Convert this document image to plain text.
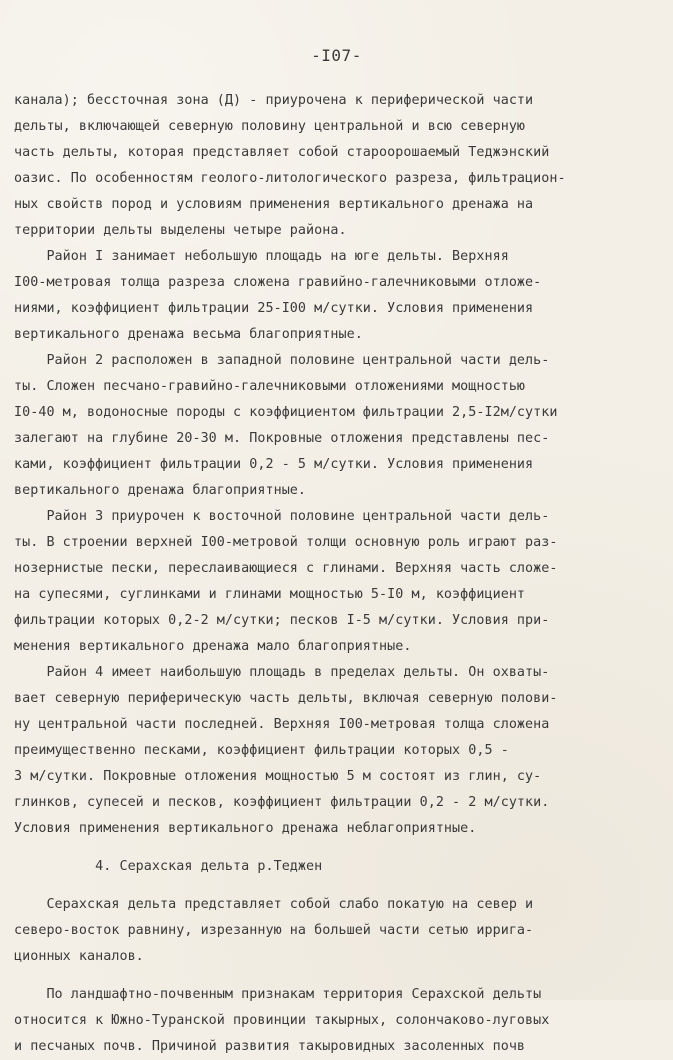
-I07-
канала); бессточная зона (Д) - приурочена к периферической части
дельты, включающей северную половину центральной и всю северную
часть дельты, которая представляет собой староорошаемый Теджэнский
оазис. По особенностям геолого-литологического разреза, фильтрацион-
ных свойств пород и условиям применения вертикального дренажа на
территории дельты выделены четыре района.
Район I занимает небольшую площадь на юге дельты. Верхняя
I00-метровая толща разреза сложена гравийно-галечниковыми отложе-
ниями, коэффициент фильтрации 25-I00 м/сутки. Условия применения
вертикального дренажа весьма благоприятные.
Район 2 расположен в западной половине центральной части дель-
ты. Сложен песчано-гравийно-галечниковыми отложениями мощностью
I0-40 м, водоносные породы с коэффициентом фильтрации 2,5-I2м/сутки
залегают на глубине 20-30 м. Покровные отложения представлены пес-
ками, коэффициент фильтрации 0,2 - 5 м/сутки. Условия применения
вертикального дренажа благоприятные.
Район 3 приурочен к восточной половине центральной части дель-
ты. В строении верхней I00-метровой толщи основную роль играют раз-
нозернистые пески, переслаивающиеся с глинами. Верхняя часть сложе-
на супесями, суглинками и глинами мощностью 5-I0 м, коэффициент
фильтрации которых 0,2-2 м/сутки; песков I-5 м/сутки. Условия при-
менения вертикального дренажа мало благоприятные.
Район 4 имеет наибольшую площадь в пределах дельты. Он охваты-
вает северную периферическую часть дельты, включая северную полови-
ну центральной части последней. Верхняя I00-метровая толща сложена
преимущественно песками, коэффициент фильтрации которых 0,5 -
3 м/сутки. Покровные отложения мощностью 5 м состоят из глин, су-
глинков, супесей и песков, коэффициент фильтрации 0,2 - 2 м/сутки.
Условия применения вертикального дренажа неблагоприятные.
4. Серахская дельта р.Теджен
Серахская дельта представляет собой слабо покатую на север и
северо-восток равнину, изрезанную на большей части сетью ирригa-
ционных каналов.
По ландшафтно-почвенным признакам территория Серахской дельты
относится к Южно-Туранской провинции такырных, солончаково-луговых
и песчаных почв. Причиной развития такыровидных засоленных почв
